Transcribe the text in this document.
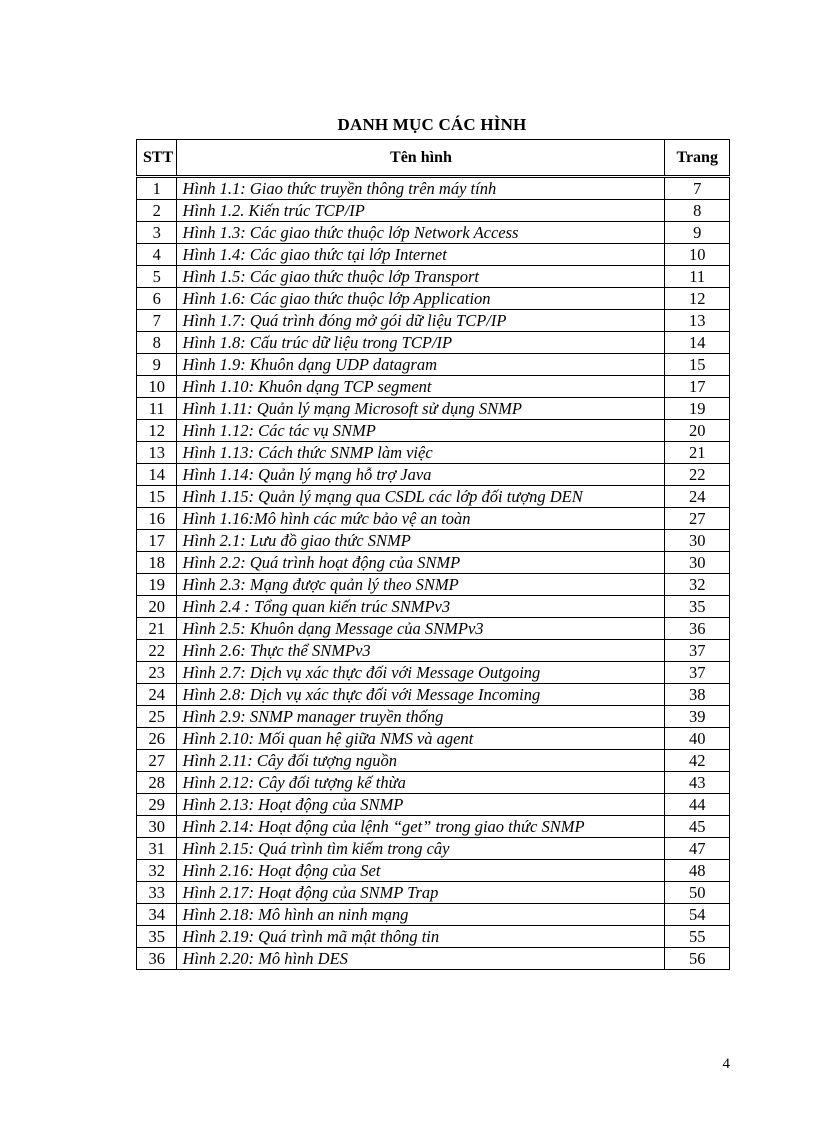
DANH MỤC CÁC HÌNH
STT	Tên hình	Trang
1	Hình 1.1: Giao thức truyền thông trên máy tính	7
2	Hình 1.2. Kiến trúc TCP/IP	8
3	Hình 1.3: Các giao thức thuộc lớp Network Access	9
4	Hình 1.4: Các giao thức tại lớp Internet	10
5	Hình 1.5: Các giao thức thuộc lớp Transport	11
6	Hình 1.6: Các giao thức thuộc lớp Application	12
7	Hình 1.7: Quá trình đóng mở gói dữ liệu TCP/IP	13
8	Hình 1.8: Cấu trúc dữ liệu trong TCP/IP	14
9	Hình 1.9: Khuôn dạng UDP datagram	15
10	Hình 1.10: Khuôn dạng TCP segment	17
11	Hình 1.11: Quản lý mạng Microsoft sử dụng SNMP	19
12	Hình 1.12: Các tác vụ SNMP	20
13	Hình 1.13: Cách thức SNMP làm việc	21
14	Hình 1.14: Quản lý mạng hỗ trợ Java	22
15	Hình 1.15: Quản lý mạng qua CSDL các lớp đối tượng DEN	24
16	Hình 1.16:Mô hình các mức bảo vệ an toàn	27
17	Hình 2.1: Lưu đồ giao thức SNMP	30
18	Hình 2.2: Quá trình hoạt động của SNMP	30
19	Hình 2.3: Mạng được quản lý theo SNMP	32
20	Hình 2.4 : Tổng quan kiến trúc SNMPv3	35
21	Hình 2.5: Khuôn dạng Message của SNMPv3	36
22	Hình 2.6: Thực thể SNMPv3	37
23	Hình 2.7: Dịch vụ xác thực đối với Message Outgoing	37
24	Hình 2.8: Dịch vụ xác thực đối với Message Incoming	38
25	Hình 2.9: SNMP manager truyền thống	39
26	Hình 2.10: Mối quan hệ giữa NMS và agent	40
27	Hình 2.11: Cây đối tượng nguồn	42
28	Hình 2.12: Cây đối tượng kế thừa	43
29	Hình 2.13: Hoạt động của SNMP	44
30	Hình 2.14: Hoạt động của lệnh “get” trong giao thức SNMP	45
31	Hình 2.15: Quá trình tìm kiếm trong cây	47
32	Hình 2.16: Hoạt động của Set	48
33	Hình 2.17: Hoạt động của SNMP Trap	50
34	Hình 2.18: Mô hình an ninh mạng	54
35	Hình 2.19: Quá trình mã mật thông tin	55
36	Hình 2.20: Mô hình DES	56
4
